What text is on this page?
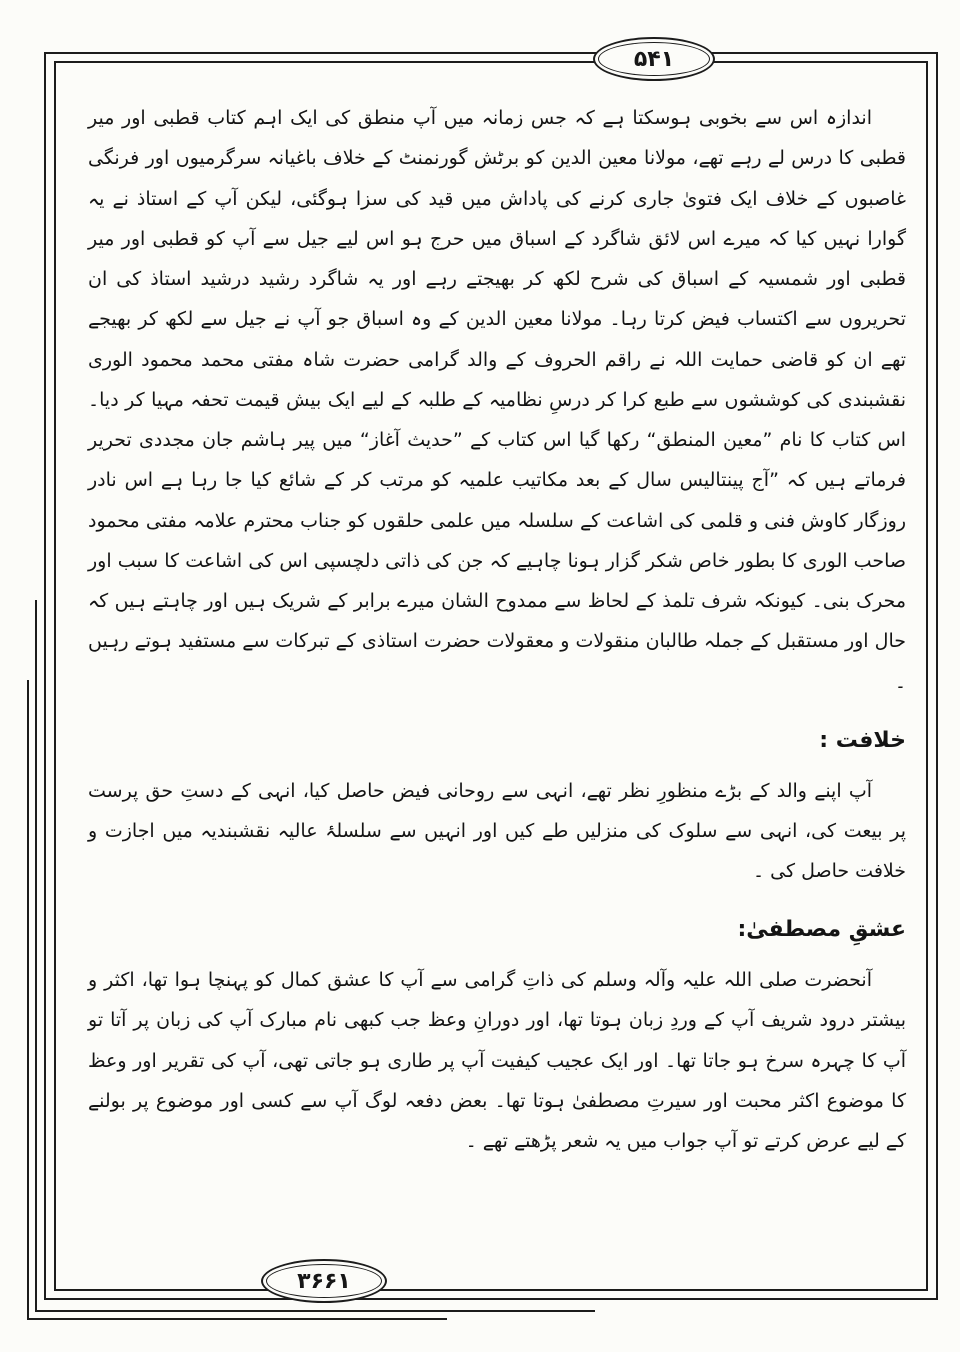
۵۴۱
۳۶۶۱

اندازہ اس سے بخوبی ہوسکتا ہے کہ جس زمانہ میں آپ منطق کی ایک اہم کتاب قطبی اور میر قطبی کا درس لے رہے تھے، مولانا معین الدین کو برٹش گورنمنٹ کے خلاف باغیانہ سرگرمیوں اور فرنگی غاصبوں کے خلاف ایک فتویٰ جاری کرنے کی پاداش میں قید کی سزا ہوگئی، لیکن آپ کے استاذ نے یہ گوارا نہیں کیا کہ میرے اس لائق شاگرد کے اسباق میں حرج ہو اس لیے جیل سے آپ کو قطبی اور میر قطبی اور شمسیہ کے اسباق کی شرح لکھ کر بھیجتے رہے اور یہ شاگرد رشید درشید استاذ کی ان تحریروں سے اکتساب فیض کرتا رہا۔ مولانا معین الدین کے وہ اسباق جو آپ نے جیل سے لکھ کر بھیجے تھے ان کو قاضی حمایت اللہ نے راقم الحروف کے والد گرامی حضرت شاہ مفتی محمد محمود الوری نقشبندی کی کوششوں سے طبع کرا کر درسِ نظامیہ کے طلبہ کے لیے ایک بیش قیمت تحفہ مہیا کر دیا۔ اس کتاب کا نام ”معین المنطق“ رکھا گیا اس کتاب کے ”حدیث آغاز“ میں پیر ہاشم جان مجددی تحریر فرماتے ہیں کہ ”آج پینتالیس سال کے بعد مکاتیب علمیہ کو مرتب کر کے شائع کیا جا رہا ہے اس نادر روزگار کاوش فنی و قلمی کی اشاعت کے سلسلہ میں علمی حلقوں کو جناب محترم علامہ مفتی محمود صاحب الوری کا بطور خاص شکر گزار ہونا چاہیے کہ جن کی ذاتی دلچسپی اس کی اشاعت کا سبب اور محرک بنی۔ کیونکہ شرف تلمذ کے لحاظ سے ممدوح الشان میرے برابر کے شریک ہیں اور چاہتے ہیں کہ حال اور مستقبل کے جملہ طالبان منقولات و معقولات حضرت استاذی کے تبرکات سے مستفید ہوتے رہیں ۔

خلافت :

آپ اپنے والد کے بڑے منظورِ نظر تھے، انہی سے روحانی فیض حاصل کیا، انہی کے دستِ حق پرست پر بیعت کی، انہی سے سلوک کی منزلیں طے کیں اور انہیں سے سلسلۂ عالیہ نقشبندیہ میں اجازت و خلافت حاصل کی ۔

عشقِ مصطفیٰ:

آنحضرت صلی اللہ علیہ وآلہ وسلم کی ذاتِ گرامی سے آپ کا عشق کمال کو پہنچا ہوا تھا، اکثر و بیشتر درود شریف آپ کے وردِ زبان ہوتا تھا، اور دورانِ وعظ جب کبھی نام مبارک آپ کی زبان پر آتا تو آپ کا چہرہ سرخ ہو جاتا تھا۔ اور ایک عجیب کیفیت آپ پر طاری ہو جاتی تھی، آپ کی تقریر اور وعظ کا موضوع اکثر محبت اور سیرتِ مصطفیٰ ہوتا تھا۔ بعض دفعہ لوگ آپ سے کسی اور موضوع پر بولنے کے لیے عرض کرتے تو آپ جواب میں یہ شعر پڑھتے تھے ۔
